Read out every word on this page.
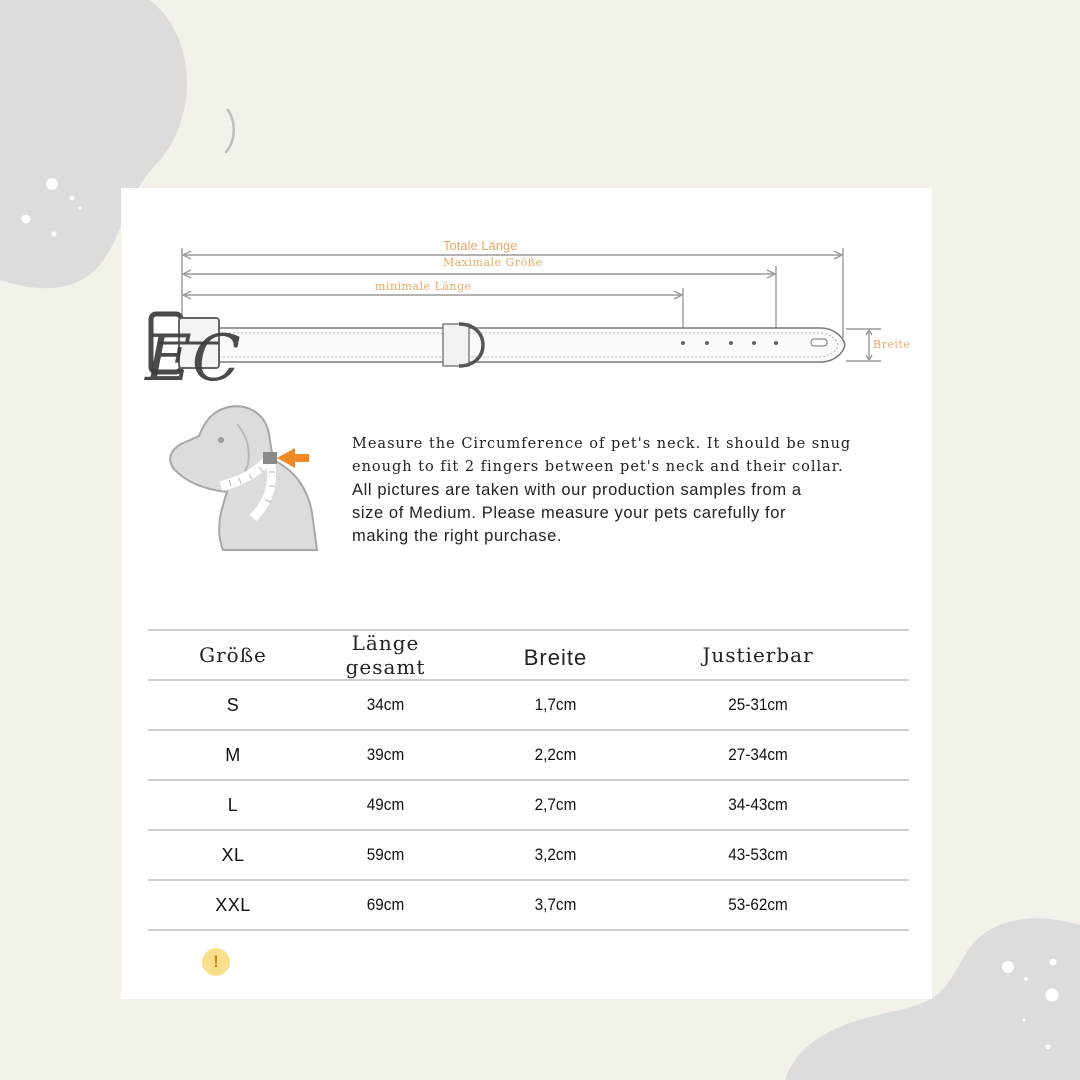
EC
Totale Länge
Maximale Größe
minimale Länge
Breite
Measure the Circumference of pet's neck. It should be snug
enough to fit 2 fingers between pet's neck and their collar.
All pictures are taken with our production samples from a
size of Medium. Please measure your pets carefully for
making the right purchase.
Größe	Länge gesamt	Breite	Justierbar
S	34cm	1,7cm	25-31cm
M	39cm	2,2cm	27-34cm
L	49cm	2,7cm	34-43cm
XL	59cm	3,2cm	43-53cm
XXL	69cm	3,7cm	53-62cm
!
